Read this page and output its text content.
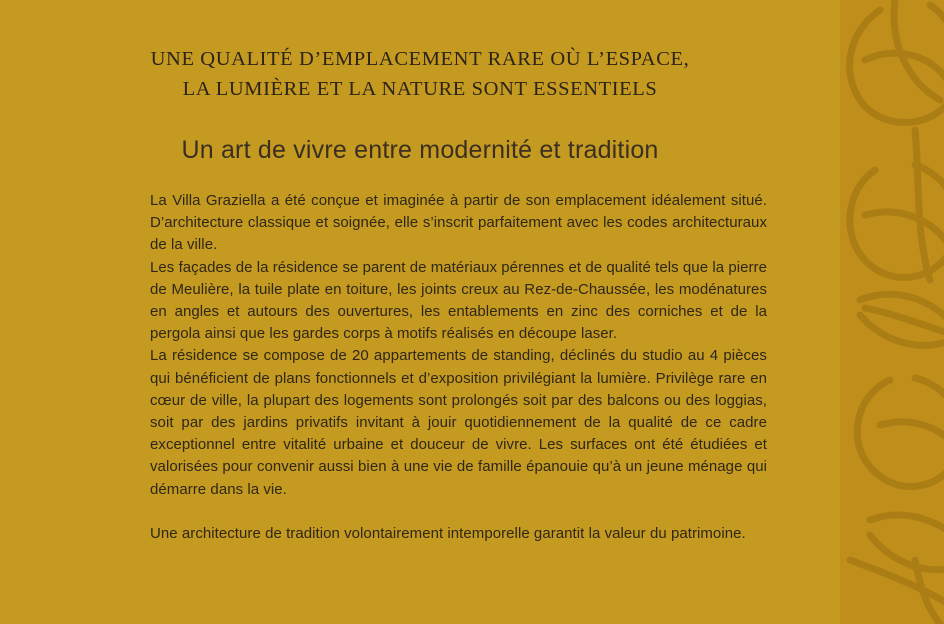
UNE QUALITÉ D’EMPLACEMENT RARE OÙ L’ESPACE,
LA LUMIÈRE ET LA NATURE SONT ESSENTIELS
Un art de vivre entre modernité et tradition

La Villa Graziella a été conçue et imaginée à partir de son emplacement idéalement situé. D’architecture classique et soignée, elle s’inscrit parfaitement avec les codes architecturaux de la ville.

Les façades de la résidence se parent de matériaux pérennes et de qualité tels que la pierre de Meulière, la tuile plate en toiture, les joints creux au Rez-de-Chaussée, les modénatures en angles et autours des ouvertures, les entablements en zinc des corniches et de la pergola ainsi que les gardes corps à motifs réalisés en découpe laser.

La résidence se compose de 20 appartements de standing, déclinés du studio au 4 pièces qui bénéficient de plans fonctionnels et d’exposition privilégiant la lumière. Privilège rare en cœur de ville, la plupart des logements sont prolongés soit par des balcons ou des loggias, soit par des jardins privatifs invitant à jouir quotidiennement de la qualité de ce cadre exceptionnel entre vitalité urbaine et douceur de vivre. Les surfaces ont été étudiées et valorisées pour convenir aussi bien à une vie de famille épanouie qu’à un jeune ménage qui démarre dans la vie.

Une architecture de tradition volontairement intemporelle garantit la valeur du patrimoine.
